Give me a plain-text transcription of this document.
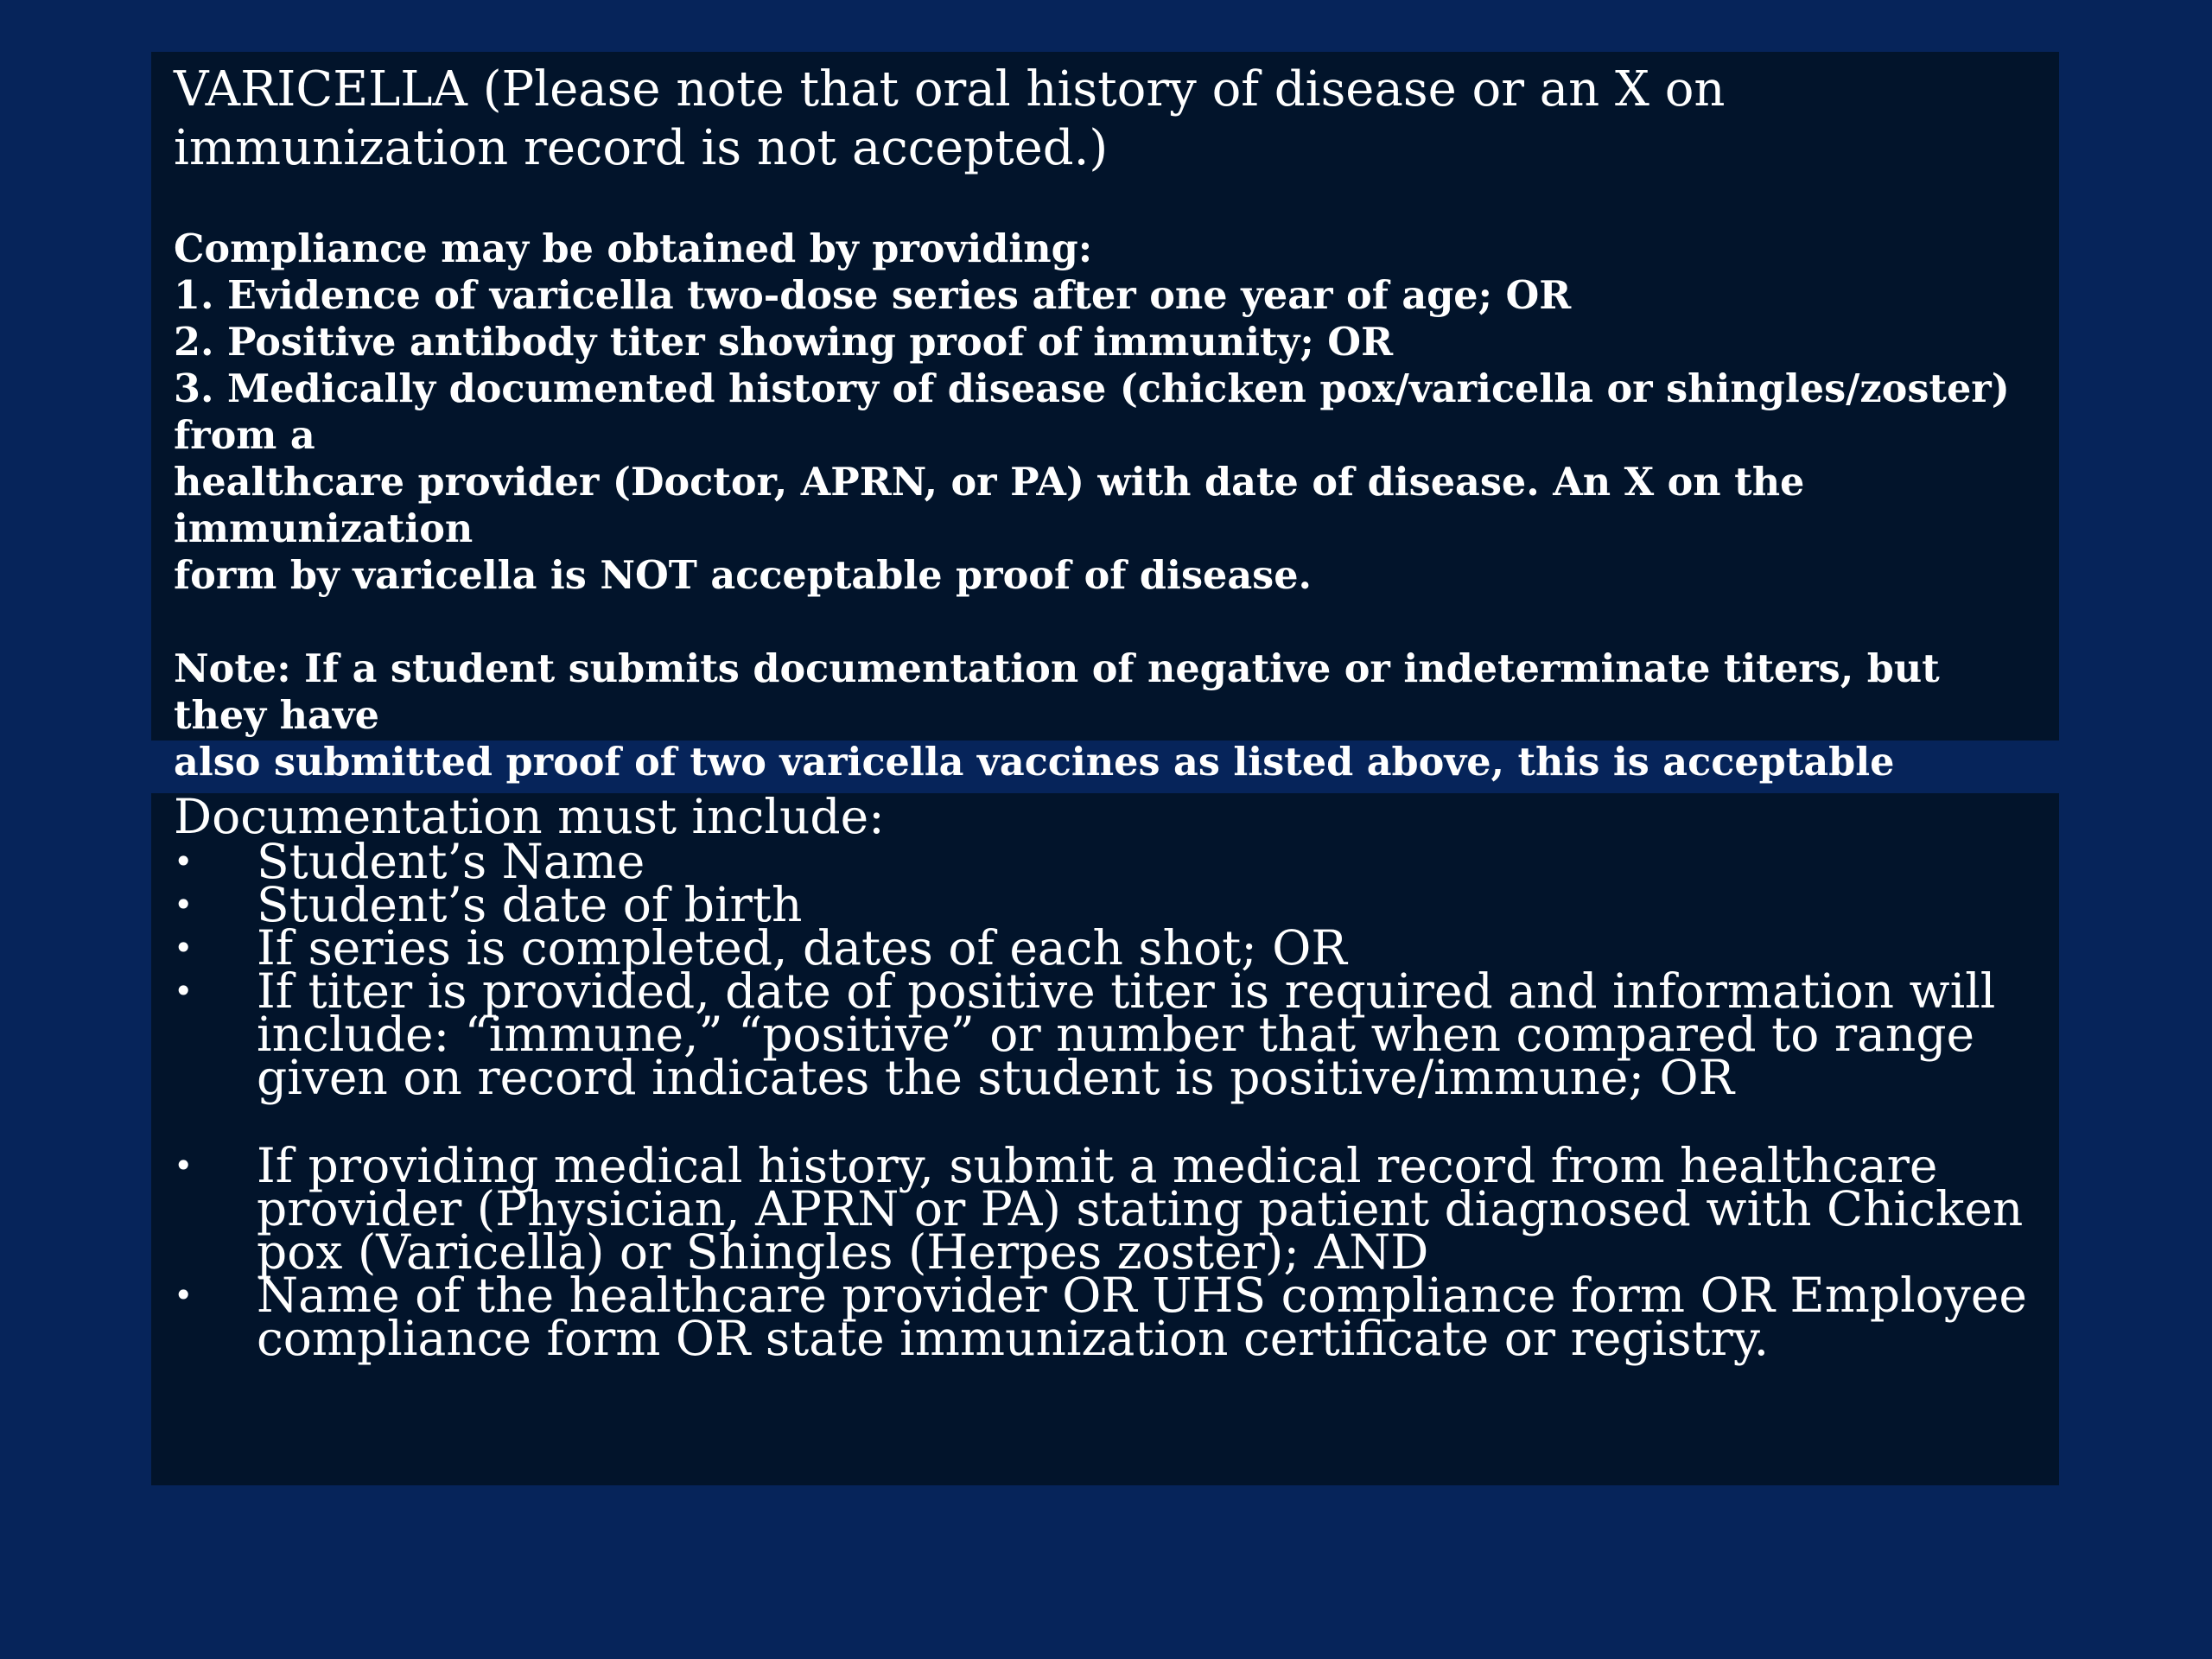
VARICELLA (Please note that oral history of disease or an X on
immunization record is not accepted.)

Compliance may be obtained by providing:
1. Evidence of varicella two-dose series after one year of age; OR
2. Positive antibody titer showing proof of immunity; OR
3. Medically documented history of disease (chicken pox/varicella or shingles/zoster) from a
healthcare provider (Doctor, APRN, or PA) with date of disease. An X on the immunization
form by varicella is NOT acceptable proof of disease.

Note: If a student submits documentation of negative or indeterminate titers, but they have
also submitted proof of two varicella vaccines as listed above, this is acceptable

Documentation must include:

• Student’s Name
• Student’s date of birth
• If series is completed, dates of each shot; OR
• If titer is provided, date of positive titer is required and information will
include: “immune,” “positive” or number that when compared to range
given on record indicates the student is positive/immune; OR
• If providing medical history, submit a medical record from healthcare
provider (Physician, APRN or PA) stating patient diagnosed with Chicken
pox (Varicella) or Shingles (Herpes zoster); AND
• Name of the healthcare provider OR UHS compliance form OR Employee
compliance form OR state immunization certificate or registry.
